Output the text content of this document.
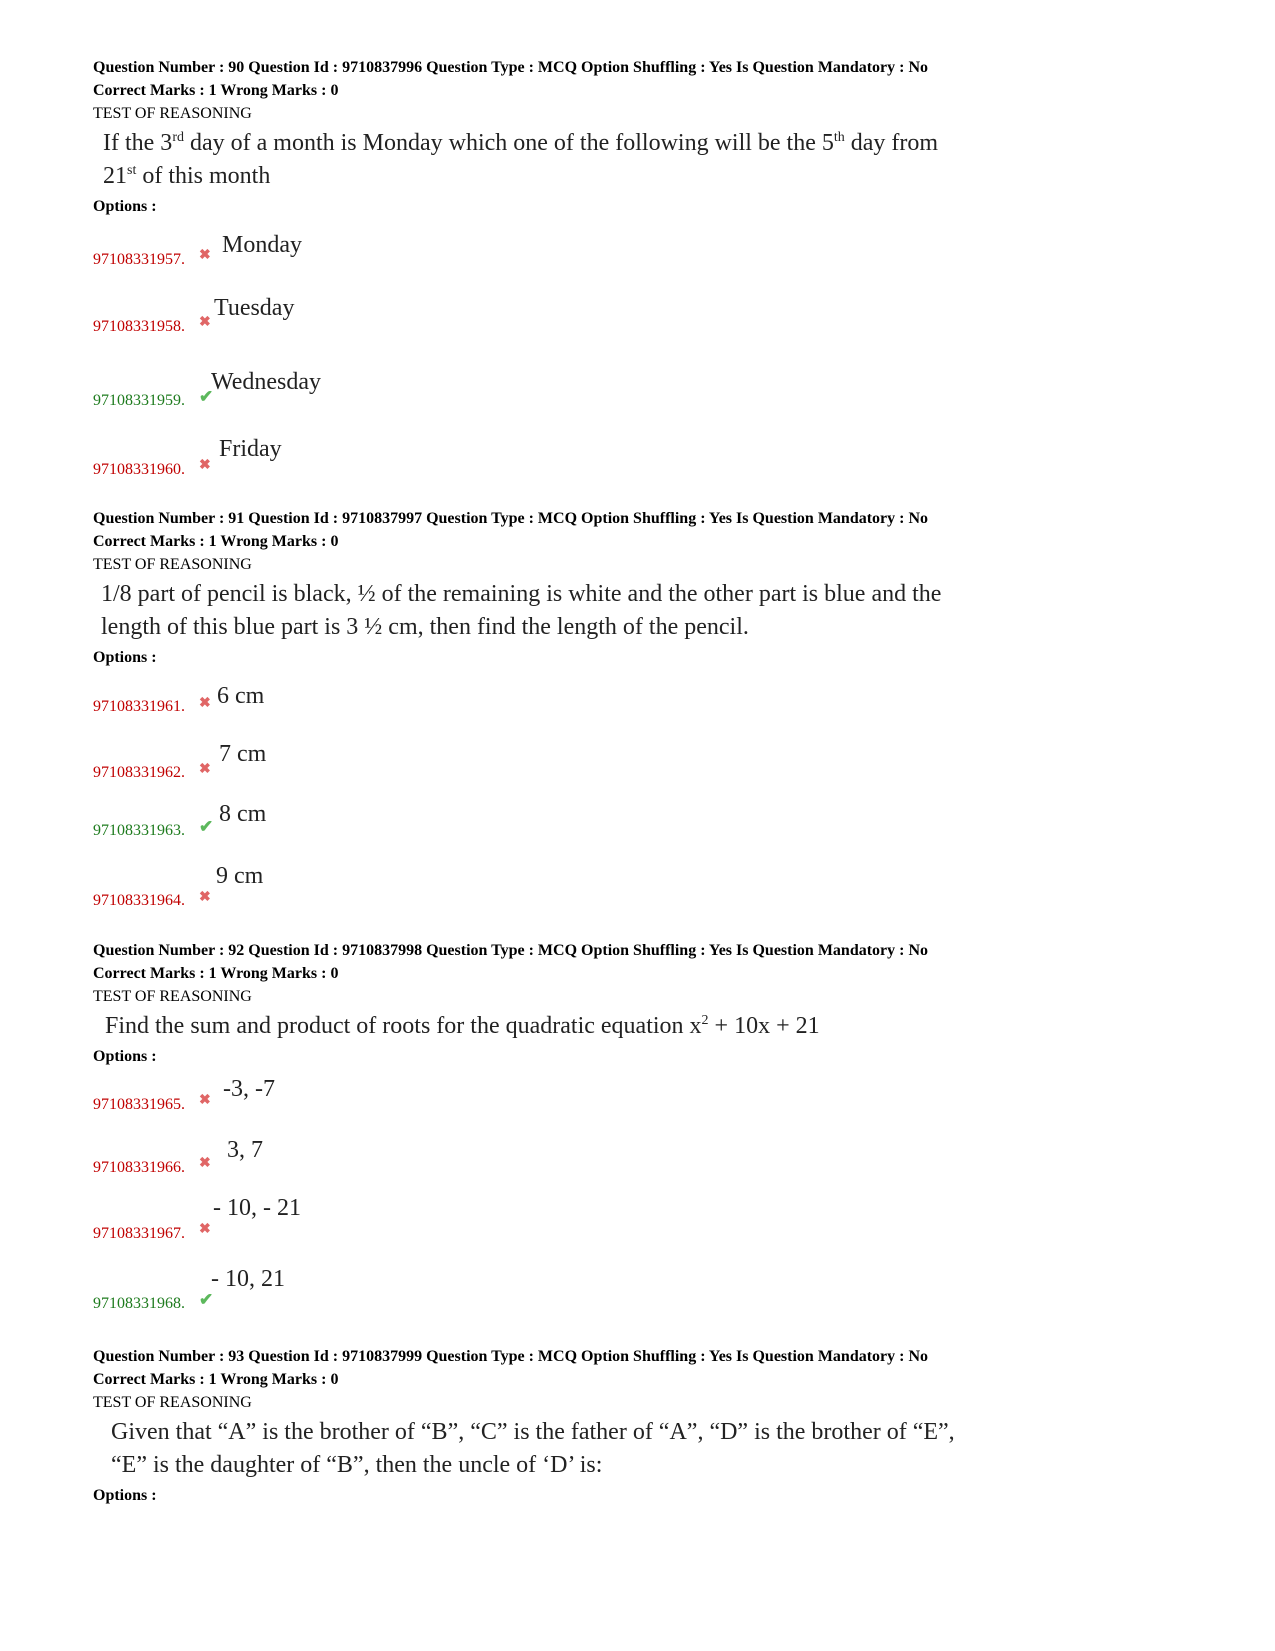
Question Number : 90 Question Id : 9710837996 Question Type : MCQ Option Shuffling : Yes Is Question Mandatory : No
Correct Marks : 1 Wrong Marks : 0
TEST OF REASONING
If the 3rd day of a month is Monday which one of the following will be the 5th day from
21st of this month
Options :
97108331957. ✖ Monday
97108331958. ✖
Tuesday
97108331959. ✔
Wednesday
97108331960. ✖
Friday
Question Number : 91 Question Id : 9710837997 Question Type : MCQ Option Shuffling : Yes Is Question Mandatory : No
Correct Marks : 1 Wrong Marks : 0
TEST OF REASONING
1/8 part of pencil is black, ½ of the remaining is white and the other part is blue and the
length of this blue part is 3 ½ cm, then find the length of the pencil.
Options :
97108331961. ✖ 6 cm
97108331962. ✖
7 cm
97108331963. ✔ 8 cm
97108331964. ✖
9 cm
Question Number : 92 Question Id : 9710837998 Question Type : MCQ Option Shuffling : Yes Is Question Mandatory : No
Correct Marks : 1 Wrong Marks : 0
TEST OF REASONING
Find the sum and product of roots for the quadratic equation $x^2 + 10x + 21$
Options :
97108331965. ✖ -3, -7
97108331966. ✖
3, 7
97108331967. ✖
- 10, - 21
97108331968. ✔
- 10, 21
Question Number : 93 Question Id : 9710837999 Question Type : MCQ Option Shuffling : Yes Is Question Mandatory : No
Correct Marks : 1 Wrong Marks : 0
TEST OF REASONING
Given that “A” is the brother of “B”, “C” is the father of “A”, “D” is the brother of “E”,
“E” is the daughter of “B”, then the uncle of ‘D’ is:
Options :
